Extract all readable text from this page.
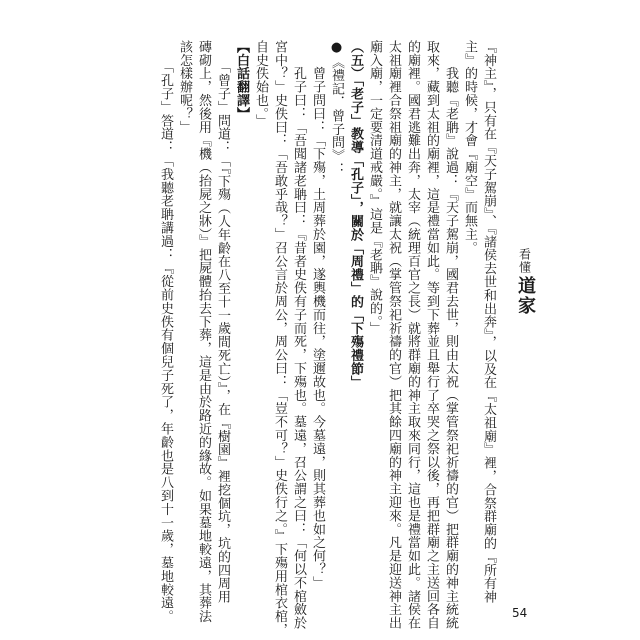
看懂
道家
『神主』，只有在『天子駕崩』、『諸侯去世和出奔』，以及在『太祖廟』裡，合祭群廟的『所有神
主』的時候，才會『廟空』而無主。
　　我聽『老聃』說過：『天子駕崩，國君去世，則由太祝（掌管祭祀祈禱的官）把群廟的神主統統
取來，藏到太祖的廟裡，這是禮當如此。等到下葬並且舉行了卒哭之祭以後，再把群廟之主送回各自
的廟裡。國君逃難出奔，太宰（統理百官之長）就將群廟的神主取來同行，這也是禮當如此。諸侯在
太祖廟裡合祭祖廟的神主，就讓太祝（掌管祭祀祈禱的官）把其餘四廟的神主迎來。凡是迎送神主出
廟入廟，一定要清道戒嚴。』這是『老聃』說的。」
（五）「老子」教導「孔子」，關於「周禮」的「下殤禮節」
●《禮記．曾子問》：
　　曾子問曰：「下殤，土周葬於園，遂輿機而往，塗邇故也。今墓遠，則其葬也如之何？」
　　孔子曰：「吾聞諸老聃曰：『昔者史佚有子而死，下殤也。墓遠，召公謂之曰：「何以不棺斂於
宮中？」史佚曰：「吾敢乎哉？」召公言於周公，周公曰：「豈不可？」史佚行之。』下殤用棺衣棺，
自史佚始也。」
【白話翻譯】
　　「曾子」問道：「『下殤（人年齡在八至十一歲間死亡）』，在『樹園』裡挖個坑，坑的四周用
磚砌上，然後用『機（抬屍之牀）』把屍體抬去下葬，這是由於路近的緣故。如果墓地較遠，其葬法
該怎樣辦呢？」
　　「孔子」答道：「我聽老聃講過：『從前史佚有個兒子死了，年齡也是八到十一歲，墓地較遠。	54
